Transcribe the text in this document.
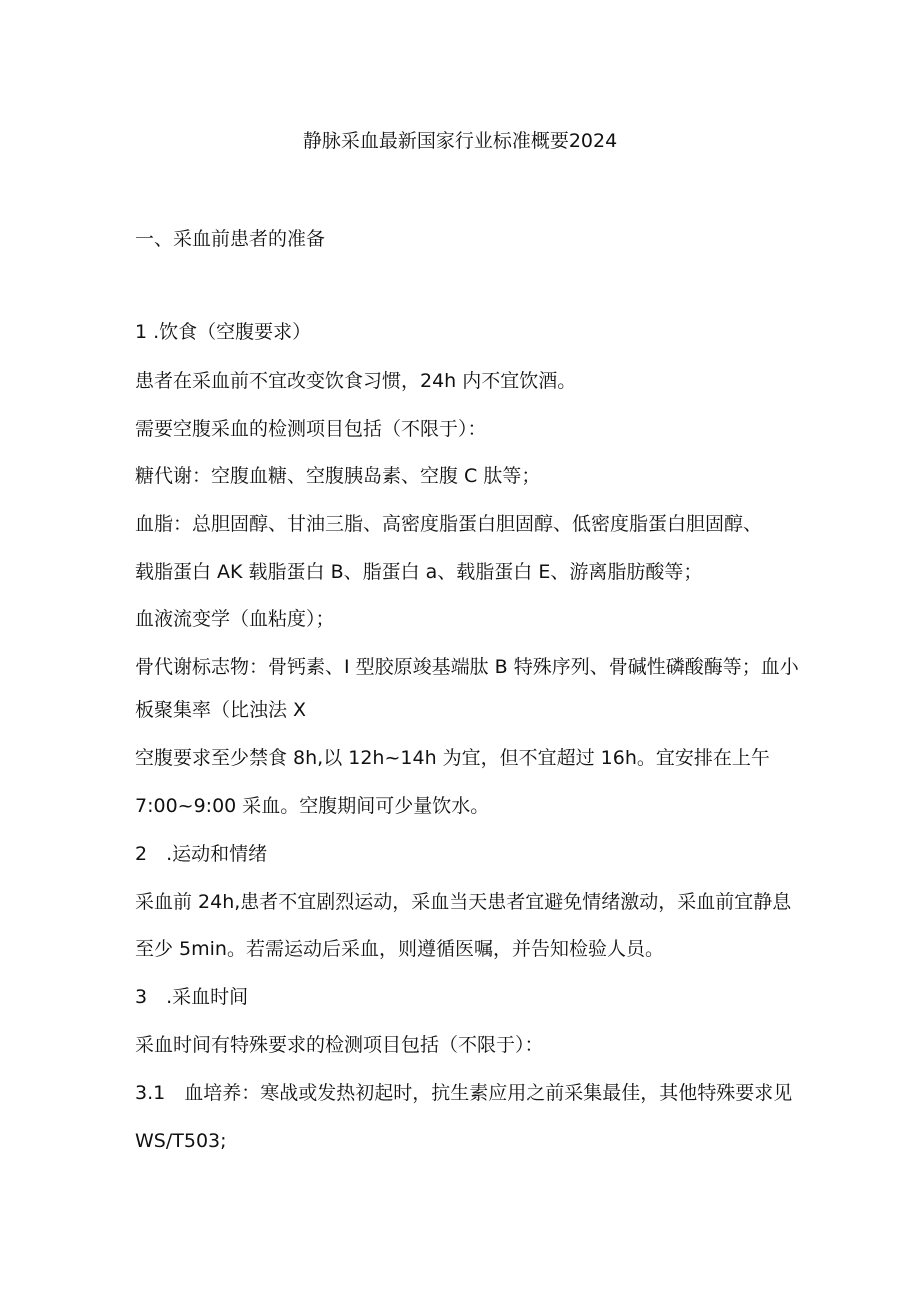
静脉采血最新国家行业标准概要2024
一、采血前患者的准备
1 .饮食（空腹要求）
患者在采血前不宜改变饮食习惯，24h 内不宜饮酒。
需要空腹采血的检测项目包括（不限于）：
糖代谢：空腹血糖、空腹胰岛素、空腹 C 肽等；
血脂：总胆固醇、甘油三脂、高密度脂蛋白胆固醇、低密度脂蛋白胆固醇、
载脂蛋白 AK 载脂蛋白 B、脂蛋白 a、载脂蛋白 E、游离脂肪酸等；
血液流变学（血粘度）；
骨代谢标志物：骨钙素、I 型胶原竣基端肽 B 特殊序列、骨碱性磷酸酶等；血小
板聚集率（比浊法 X
空腹要求至少禁食 8h,以 12h~14h 为宜，但不宜超过 16h。宜安排在上午
7:00~9:00 采血。空腹期间可少量饮水。
2　.运动和情绪
采血前 24h,患者不宜剧烈运动，采血当天患者宜避免情绪激动，采血前宜静息
至少 5min。若需运动后采血，则遵循医嘱，并告知检验人员。
3　.采血时间
采血时间有特殊要求的检测项目包括（不限于）：
3.1　血培养：寒战或发热初起时，抗生素应用之前采集最佳，其他特殊要求见
WS/T503;
